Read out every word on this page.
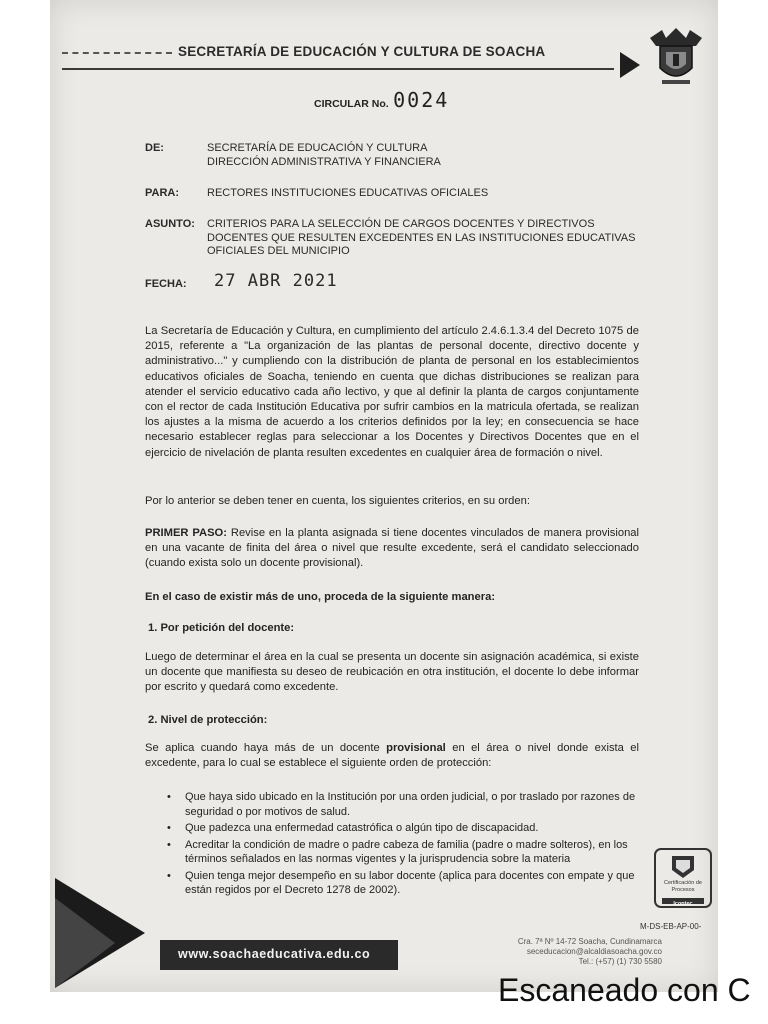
SECRETARÍA DE EDUCACIÓN Y CULTURA DE SOACHA
CIRCULAR No. 0024
DE:	SECRETARÍA DE EDUCACIÓN Y CULTURA
DIRECCIÓN ADMINISTRATIVA Y FINANCIERA
PARA:	RECTORES INSTITUCIONES EDUCATIVAS OFICIALES
ASUNTO: CRITERIOS PARA LA SELECCIÓN DE CARGOS DOCENTES Y DIRECTIVOS
DOCENTES QUE RESULTEN EXCEDENTES EN LAS INSTITUCIONES EDUCATIVAS
OFICIALES DEL MUNICIPIO
FECHA: 27 ABR 2021
La Secretaría de Educación y Cultura, en cumplimiento del artículo 2.4.6.1.3.4 del Decreto 1075 de 2015, referente a "La organización de las plantas de personal docente, directivo docente y administrativo..." y cumpliendo con la distribución de planta de personal en los establecimientos educativos oficiales de Soacha, teniendo en cuenta que dichas distribuciones se realizan para atender el servicio educativo cada año lectivo, y que al definir la planta de cargos conjuntamente con el rector de cada Institución Educativa por sufrir cambios en la matricula ofertada, se realizan los ajustes a la misma de acuerdo a los criterios definidos por la ley; en consecuencia se hace necesario establecer reglas para seleccionar a los Docentes y Directivos Docentes que en el ejercicio de nivelación de planta resulten excedentes en cualquier área de formación o nivel.
Por lo anterior se deben tener en cuenta, los siguientes criterios, en su orden:
PRIMER PASO: Revise en la planta asignada si tiene docentes vinculados de manera provisional en una vacante de finita del área o nivel que resulte excedente, será el candidato seleccionado (cuando exista solo un docente provisional).
En el caso de existir más de uno, proceda de la siguiente manera:
1. Por petición del docente:
Luego de determinar el área en la cual se presenta un docente sin asignación académica, si existe un docente que manifiesta su deseo de reubicación en otra institución, el docente lo debe informar por escrito y quedará como excedente.
2. Nivel de protección:
Se aplica cuando haya más de un docente provisional en el área o nivel donde exista el excedente, para lo cual se establece el siguiente orden de protección:
• Que haya sido ubicado en la Institución por una orden judicial, o por traslado por razones de seguridad o por motivos de salud.
• Que padezca una enfermedad catastrófica o algún tipo de discapacidad.
• Acreditar la condición de madre o padre cabeza de familia (padre o madre solteros), en los términos señalados en las normas vigentes y la jurisprudencia sobre la materia
• Quien tenga mejor desempeño en su labor docente (aplica para docentes con empate y que están regidos por el Decreto 1278 de 2002).
Certificación de Procesos
Icontec
M-DS-EB-AP-00-
www.soachaeducativa.edu.co
Cra. 7ª Nº 14-72 Soacha, Cundinamarca
seceducacion@alcaldiasoacha.gov.co
Tel.: (+57) (1) 730 5580
Escaneado con C
